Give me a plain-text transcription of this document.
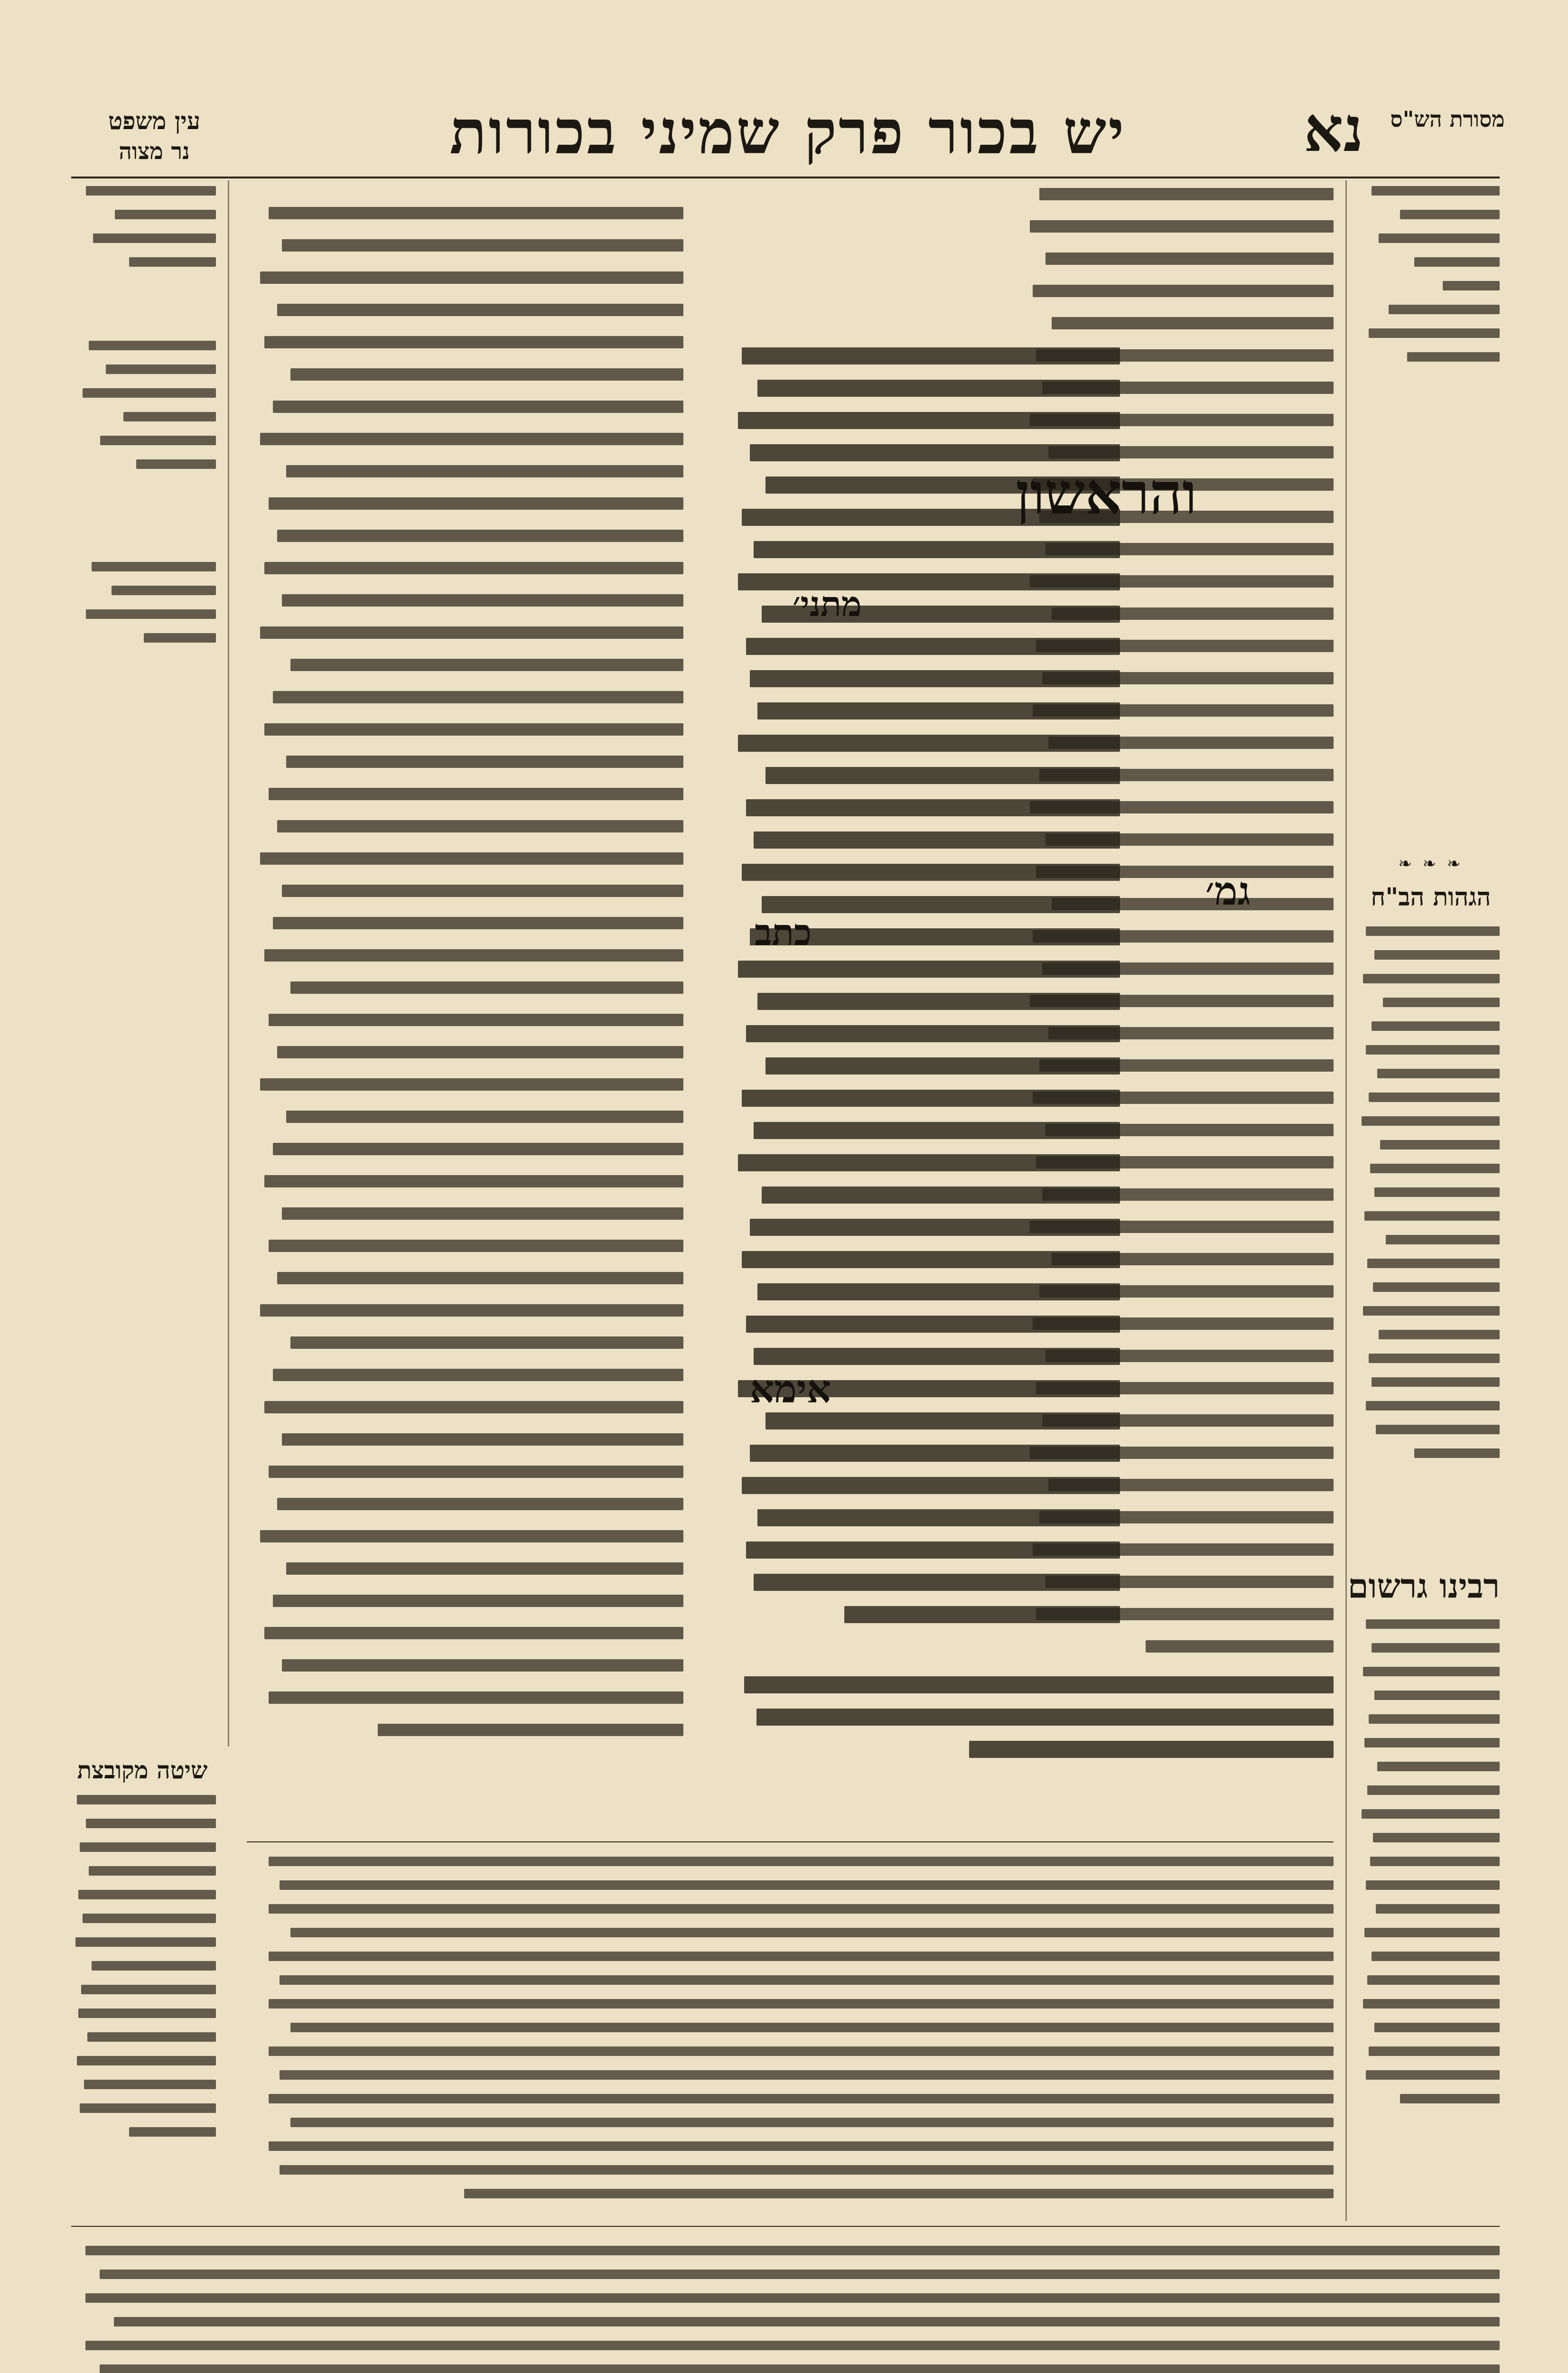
מסורת הש"ס
נא
יש בכור פרק שמיני בכורות
עין משפט
נר מצוה
הגהות הב"ח
❧ ❧ ❧
רבינו גרשום
והראשון
גמ׳
מתני׳
כתב
אימא
שיטה מקובצת
